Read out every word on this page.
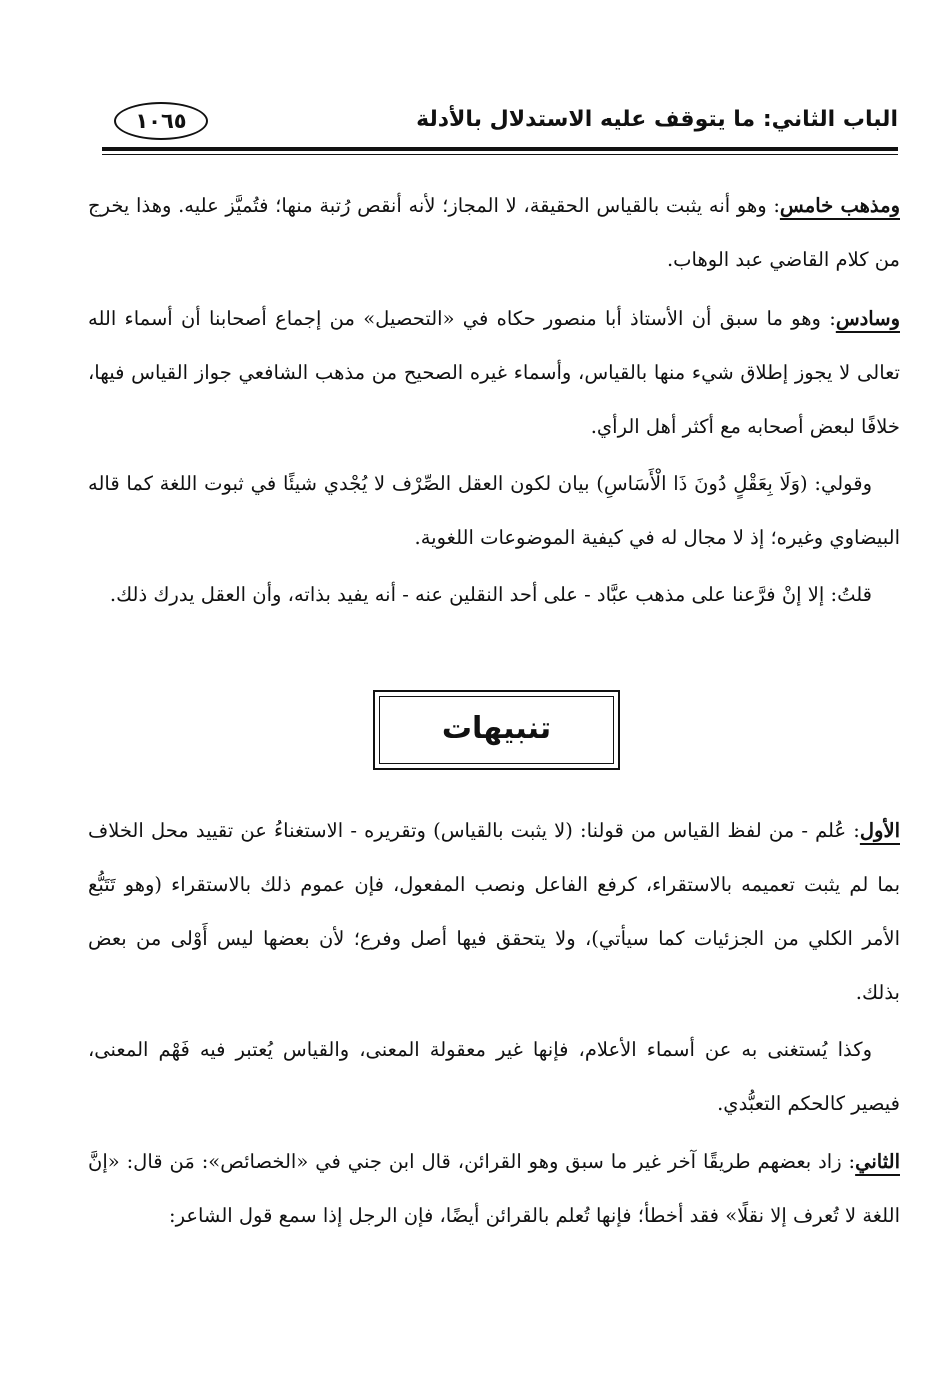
الباب الثاني: ما يتوقف عليه الاستدلال بالأدلة
١٠٦٥

ومذهب خامس: وهو أنه يثبت بالقياس الحقيقة، لا المجاز؛ لأنه أنقص رُتبة منها؛ فتُميَّز عليه. وهذا يخرج من كلام القاضي عبد الوهاب.

وسادس: وهو ما سبق أن الأستاذ أبا منصور حكاه في «التحصيل» من إجماع أصحابنا أن أسماء الله تعالى لا يجوز إطلاق شيء منها بالقياس، وأسماء غيره الصحيح من مذهب الشافعي جواز القياس فيها، خلافًا لبعض أصحابه مع أكثر أهل الرأي.

وقولي: (وَلَا بِعَقْلٍ دُونَ ذَا الْأَسَاسِ) بيان لكون العقل الصِّرْف لا يُجْدي شيئًا في ثبوت اللغة كما قاله البيضاوي وغيره؛ إذ لا مجال له في كيفية الموضوعات اللغوية.

قلتُ: إلا إنْ فرَّعنا على مذهب عبَّاد - على أحد النقلين عنه - أنه يفيد بذاته، وأن العقل يدرك ذلك.

تنبيهات

الأول: عُلم - من لفظ القياس من قولنا: (لا يثبت بالقياس) وتقريره - الاستغناءُ عن تقييد محل الخلاف بما لم يثبت تعميمه بالاستقراء، كرفع الفاعل ونصب المفعول، فإن عموم ذلك بالاستقراء (وهو تَتَبُّع الأمر الكلي من الجزئيات كما سيأتي)، ولا يتحقق فيها أصل وفرع؛ لأن بعضها ليس أَوْلى من بعض بذلك.

وكذا يُستغنى به عن أسماء الأعلام، فإنها غير معقولة المعنى، والقياس يُعتبر فيه فَهْم المعنى، فيصير كالحكم التعبُّدي.

الثاني: زاد بعضهم طريقًا آخر غير ما سبق وهو القرائن، قال ابن جني في «الخصائص»: مَن قال: «إنَّ اللغة لا تُعرف إلا نقلًا» فقد أخطأ؛ فإنها تُعلم بالقرائن أيضًا، فإن الرجل إذا سمع قول الشاعر:
